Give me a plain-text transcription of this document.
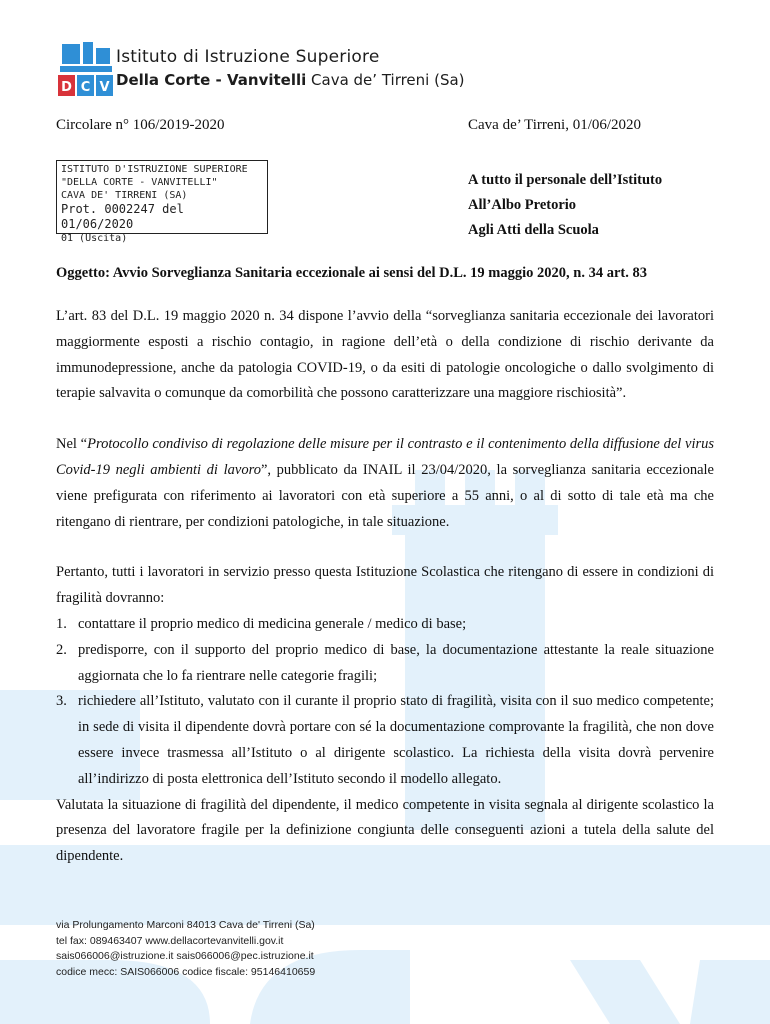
D C V
Istituto di Istruzione Superiore
Della Corte - Vanvitelli Cava de’ Tirreni (Sa)
Circolare n° 106/2019-2020	Cava de’ Tirreni, 01/06/2020
ISTITUTO D'ISTRUZIONE SUPERIORE
"DELLA CORTE - VANVITELLI"
CAVA DE' TIRRENI (SA)
Prot. 0002247 del 01/06/2020
01 (Uscita)
A tutto il personale dell’Istituto
All’Albo Pretorio
Agli Atti della Scuola
Oggetto: Avvio Sorveglianza Sanitaria eccezionale ai sensi del D.L. 19 maggio 2020, n. 34 art. 83

L’art. 83 del D.L. 19 maggio 2020 n. 34 dispone l’avvio della “sorveglianza sanitaria eccezionale dei lavoratori maggiormente esposti a rischio contagio, in ragione dell’età o della condizione di rischio derivante da immunodepressione, anche da patologia COVID-19, o da esiti di patologie oncologiche o dallo svolgimento di terapie salvavita o comunque da comorbilità che possono caratterizzare una maggiore rischiosità”.

Nel “Protocollo condiviso di regolazione delle misure per il contrasto e il contenimento della diffusione del virus Covid-19 negli ambienti di lavoro”, pubblicato da INAIL il 23/04/2020, la sorveglianza sanitaria eccezionale viene prefigurata con riferimento ai lavoratori con età superiore a 55 anni, o al di sotto di tale età ma che ritengano di rientrare, per condizioni patologiche, in tale situazione.

Pertanto, tutti i lavoratori in servizio presso questa Istituzione Scolastica che ritengano di essere in condizioni di fragilità dovranno:

1. contattare il proprio medico di medicina generale / medico di base;
2. predisporre, con il supporto del proprio medico di base, la documentazione attestante la reale situazione aggiornata che lo fa rientrare nelle categorie fragili;
3. richiedere all’Istituto, valutato con il curante il proprio stato di fragilità, visita con il suo medico competente; in sede di visita il dipendente dovrà portare con sé la documentazione comprovante la fragilità, che non dove essere invece trasmessa all’Istituto o al dirigente scolastico. La richiesta della visita dovrà pervenire all’indirizzo di posta elettronica dell’Istituto secondo il modello allegato.

Valutata la situazione di fragilità del dipendente, il medico competente in visita segnala al dirigente scolastico la presenza del lavoratore fragile per la definizione congiunta delle conseguenti azioni a tutela della salute del dipendente.

via Prolungamento Marconi 84013 Cava de' Tirreni (Sa)
tel fax: 089463407 www.dellacortevanvitelli.gov.it
sais066006@istruzione.it sais066006@pec.istruzione.it
codice mecc: SAIS066006 codice fiscale: 95146410659
